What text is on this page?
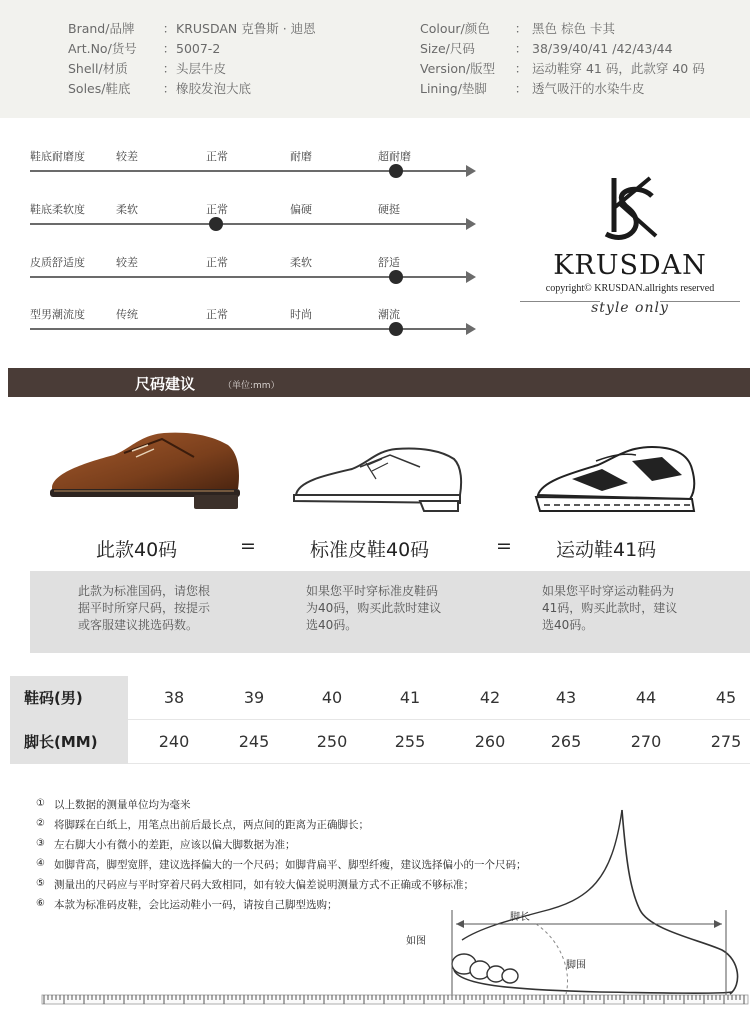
Brand/品牌	： KRUSDAN 克鲁斯 · 迪恩
Art.No/货号	： 5007-2
Shell/材质	： 头层牛皮
Soles/鞋底	： 橡胶发泡大底
Colour/颜色	： 黑色 棕色 卡其
Size/尺码	： 38/39/40/41 /42/43/44
Version/版型	： 运动鞋穿 41 码，此款穿 40 码
Lining/垫脚	： 透气吸汗的水染牛皮
鞋底耐磨度	较差	正常	耐磨	超耐磨
鞋底柔软度	柔软	正常	偏硬	硬挺
皮质舒适度	较差	正常	柔软	舒适
型男潮流度	传统	正常	时尚	潮流
KRUSDAN
copyright© KRUSDAN.allrights reserved
style only
尺码建议	（单位:mm）
此款40码	=	标准皮鞋40码	= 运动鞋41码
此款为标准国码，请您根
据平时所穿尺码，按提示
或客服建议挑选码数。
如果您平时穿标准皮鞋码
为40码，购买此款时建议
选40码。
如果您平时穿运动鞋码为
41码，购买此款时，建议
选40码。
鞋码(男)	38	39	40	41	42	43	44	45
脚长(MM)	240	245	250	255	260	265	270	275
如图
脚长
脚围
① 以上数据的测量单位均为毫米
② 将脚踩在白纸上，用笔点出前后最长点，两点间的距离为正确脚长；
③ 左右脚大小有微小的差距，应该以偏大脚数据为准；
④ 如脚背高，脚型宽胖，建议选择偏大的一个尺码；如脚背扁平、脚型纤瘦，建议选择偏小的一个尺码；
⑤ 测量出的尺码应与平时穿着尺码大致相同，如有较大偏差说明测量方式不正确或不够标准；
⑥ 本款为标准码皮鞋，会比运动鞋小一码，请按自己脚型选购；
